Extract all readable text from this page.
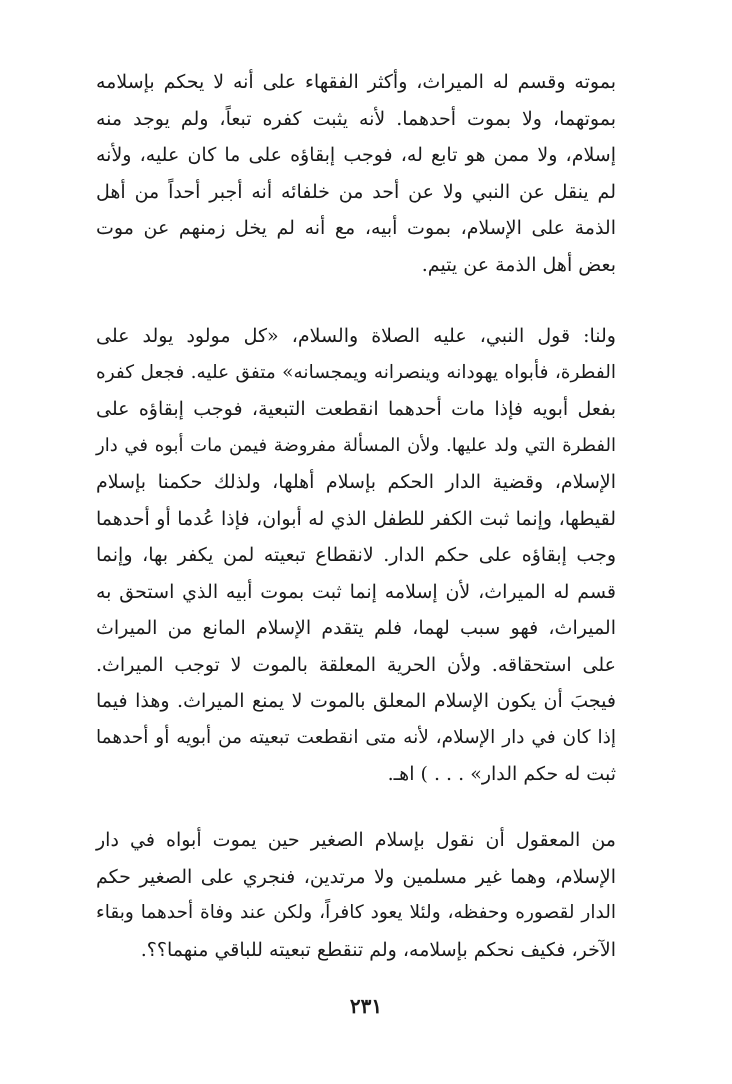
بموته وقسم له الميراث، وأكثر الفقهاء على أنه لا يحكم بإسلامه
بموتهما، ولا بموت أحدهما. لأنه يثبت كفره تبعاً، ولم يوجد منه
إسلام، ولا ممن هو تابع له، فوجب إبقاؤه على ما كان عليه، ولأنه
لم ينقل عن النبي ولا عن أحد من خلفائه أنه أجبر أحداً من أهل
الذمة على الإسلام، بموت أبيه، مع أنه لم يخل زمنهم عن موت
بعض أهل الذمة عن يتيم.
ولنا: قول النبي، عليه الصلاة والسلام، «كل مولود يولد على
الفطرة، فأبواه يهودانه وينصرانه ويمجسانه» متفق عليه. فجعل كفره
بفعل أبويه فإذا مات أحدهما انقطعت التبعية، فوجب إبقاؤه على
الفطرة التي ولد عليها. ولأن المسألة مفروضة فيمن مات أبوه في دار
الإسلام، وقضية الدار الحكم بإسلام أهلها، ولذلك حكمنا بإسلام
لقيطها، وإنما ثبت الكفر للطفل الذي له أبوان، فإذا عُدما أو أحدهما
وجب إبقاؤه على حكم الدار. لانقطاع تبعيته لمن يكفر بها، وإنما
قسم له الميراث، لأن إسلامه إنما ثبت بموت أبيه الذي استحق به
الميراث، فهو سبب لهما، فلم يتقدم الإسلام المانع من الميراث
على استحقاقه. ولأن الحرية المعلقة بالموت لا توجب الميراث.
فيجبَ أن يكون الإسلام المعلق بالموت لا يمنع الميراث. وهذا فيما
إذا كان في دار الإسلام، لأنه متى انقطعت تبعيته من أبويه أو أحدهما
ثبت له حكم الدار» . . . ) اهـ.
من المعقول أن نقول بإسلام الصغير حين يموت أبواه في دار
الإسلام، وهما غير مسلمين ولا مرتدين، فنجري على الصغير حكم
الدار لقصوره وحفظه، ولئلا يعود كافراً، ولكن عند وفاة أحدهما وبقاء
الآخر، فكيف نحكم بإسلامه، ولم تنقطع تبعيته للباقي منهما؟؟.
٢٣١
